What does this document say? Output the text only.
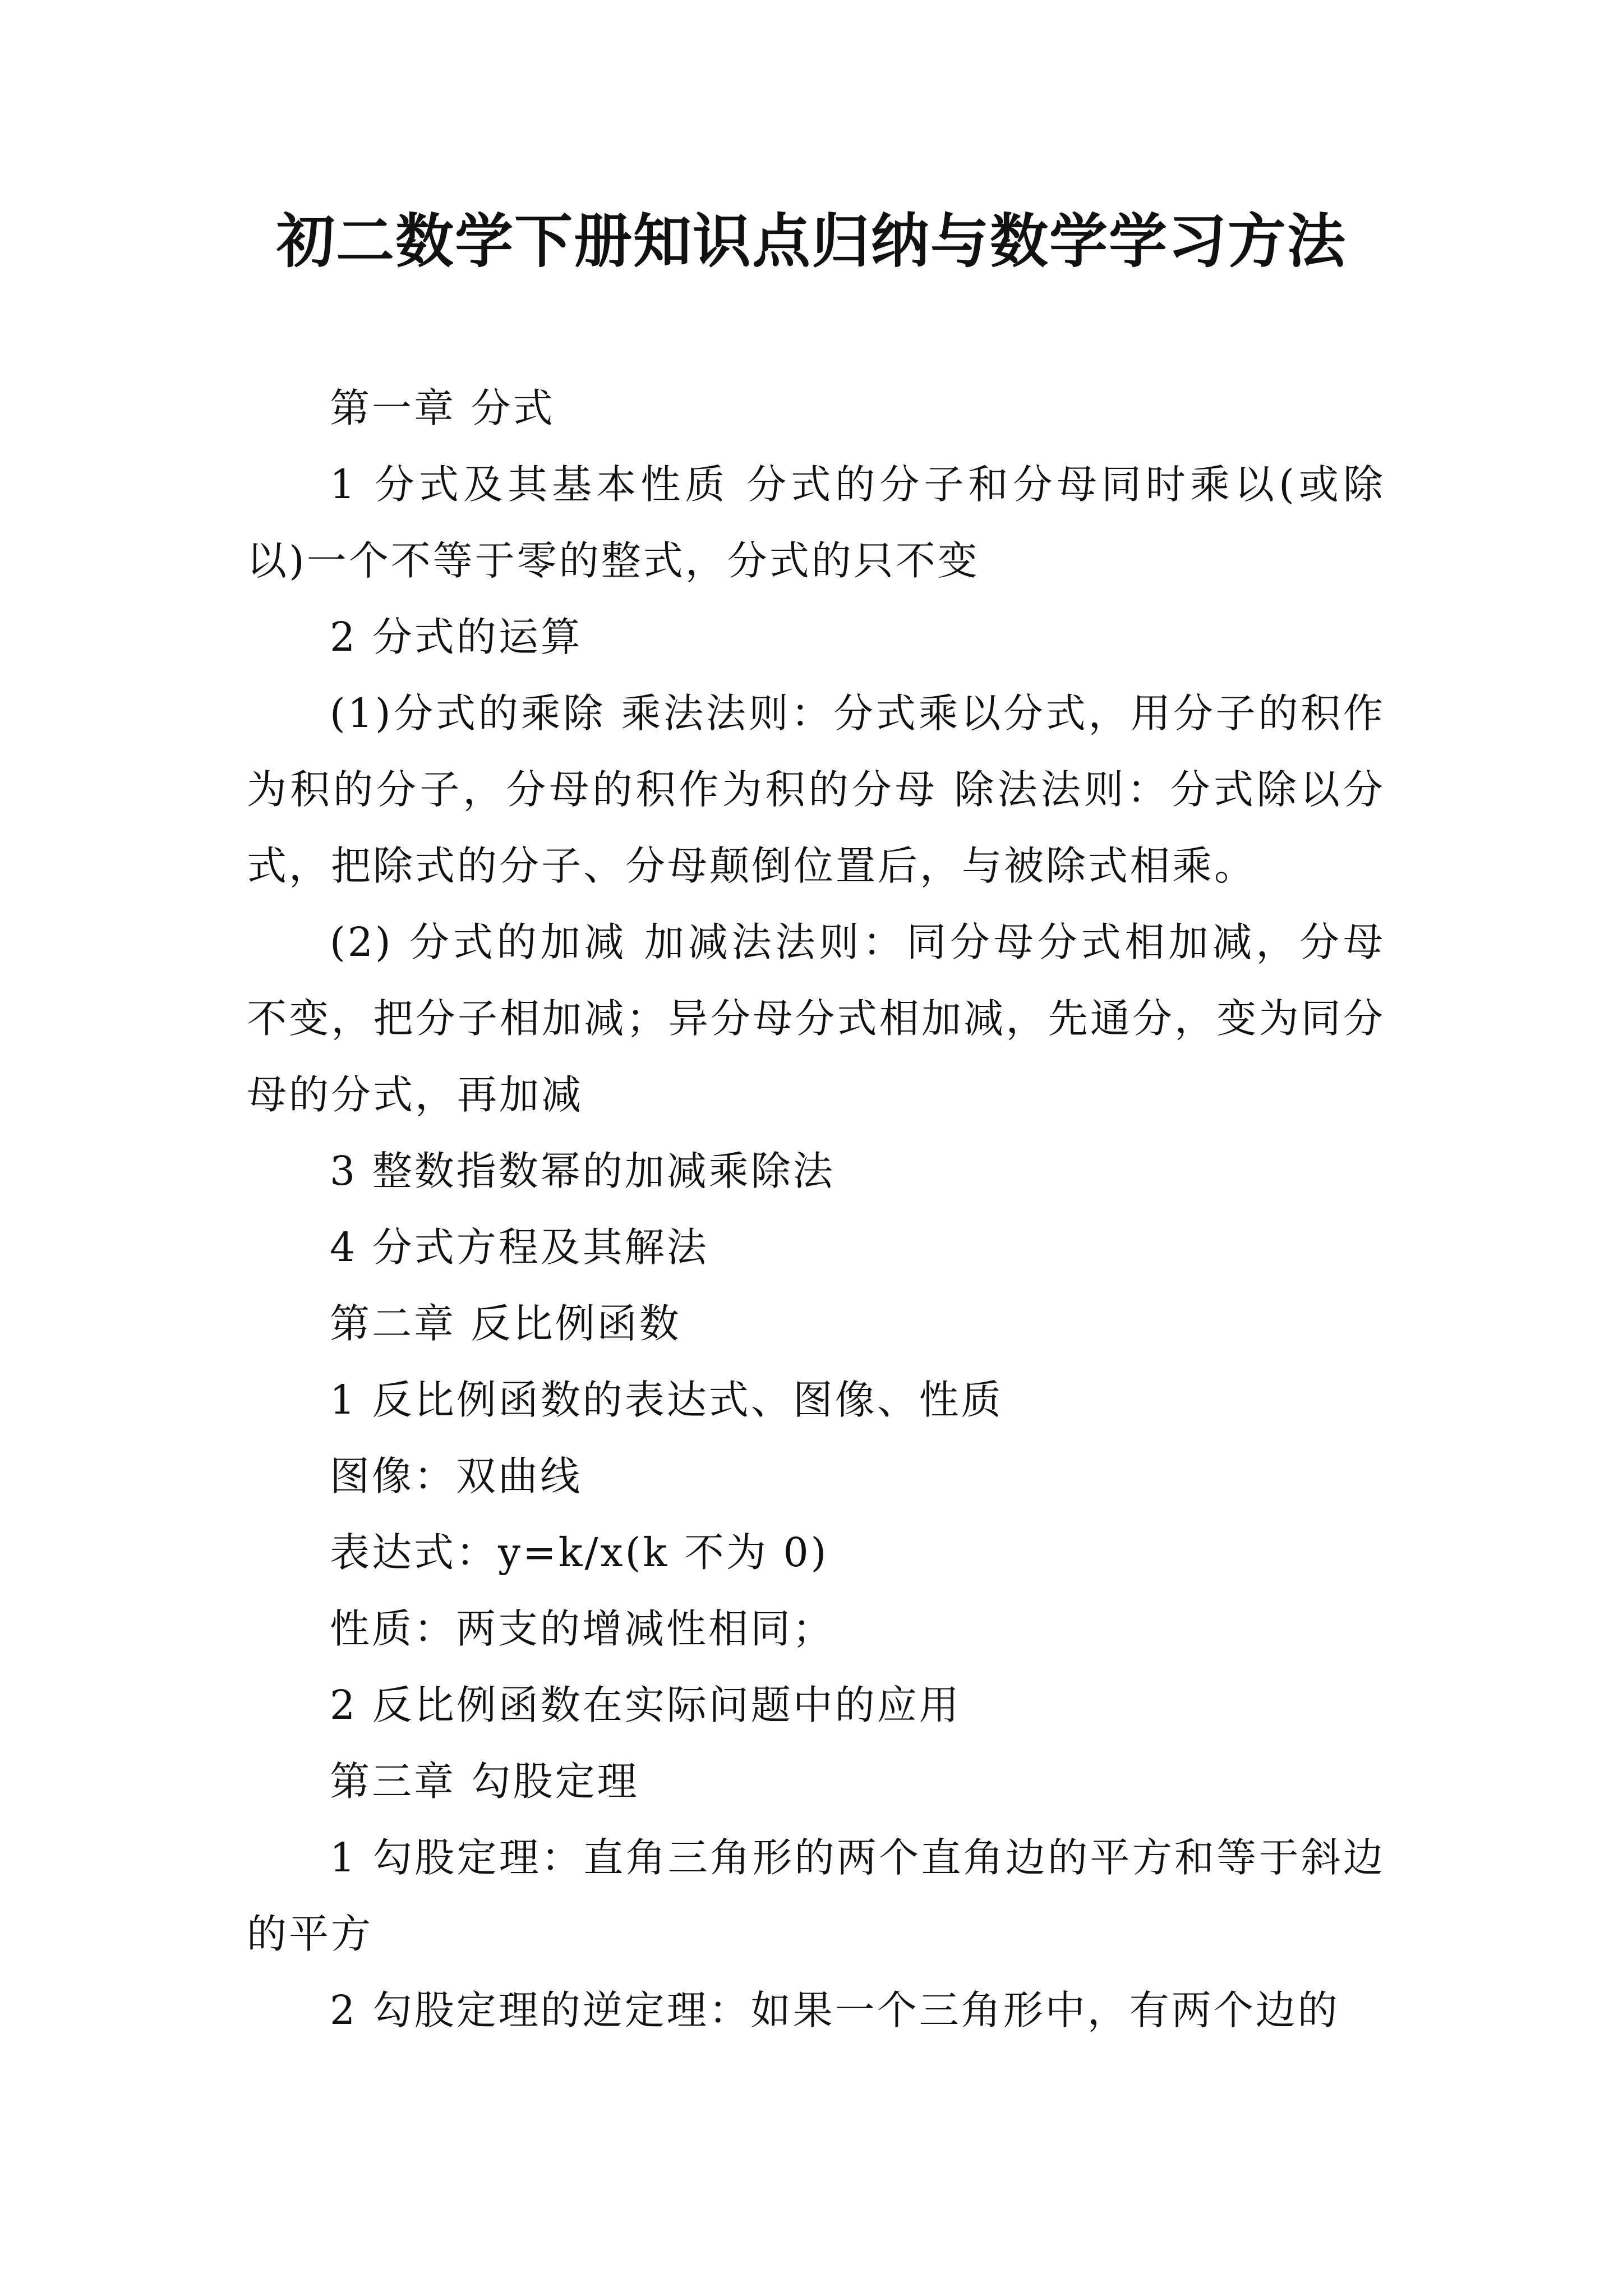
初二数学下册知识点归纳与数学学习方法

第一章 分式

1 分式及其基本性质 分式的分子和分母同时乘以(或除以)一个不等于零的整式，分式的只不变

2 分式的运算

(1)分式的乘除 乘法法则：分式乘以分式，用分子的积作为积的分子，分母的积作为积的分母 除法法则：分式除以分式，把除式的分子、分母颠倒位置后，与被除式相乘。

(2) 分式的加减 加减法法则：同分母分式相加减，分母不变，把分子相加减；异分母分式相加减，先通分，变为同分母的分式，再加减

3 整数指数幂的加减乘除法

4 分式方程及其解法

第二章 反比例函数

1 反比例函数的表达式、图像、性质

图像：双曲线

表达式：y=k/x(k 不为 0)

性质：两支的增减性相同；

2 反比例函数在实际问题中的应用

第三章 勾股定理

1 勾股定理：直角三角形的两个直角边的平方和等于斜边的平方

2 勾股定理的逆定理：如果一个三角形中，有两个边的
